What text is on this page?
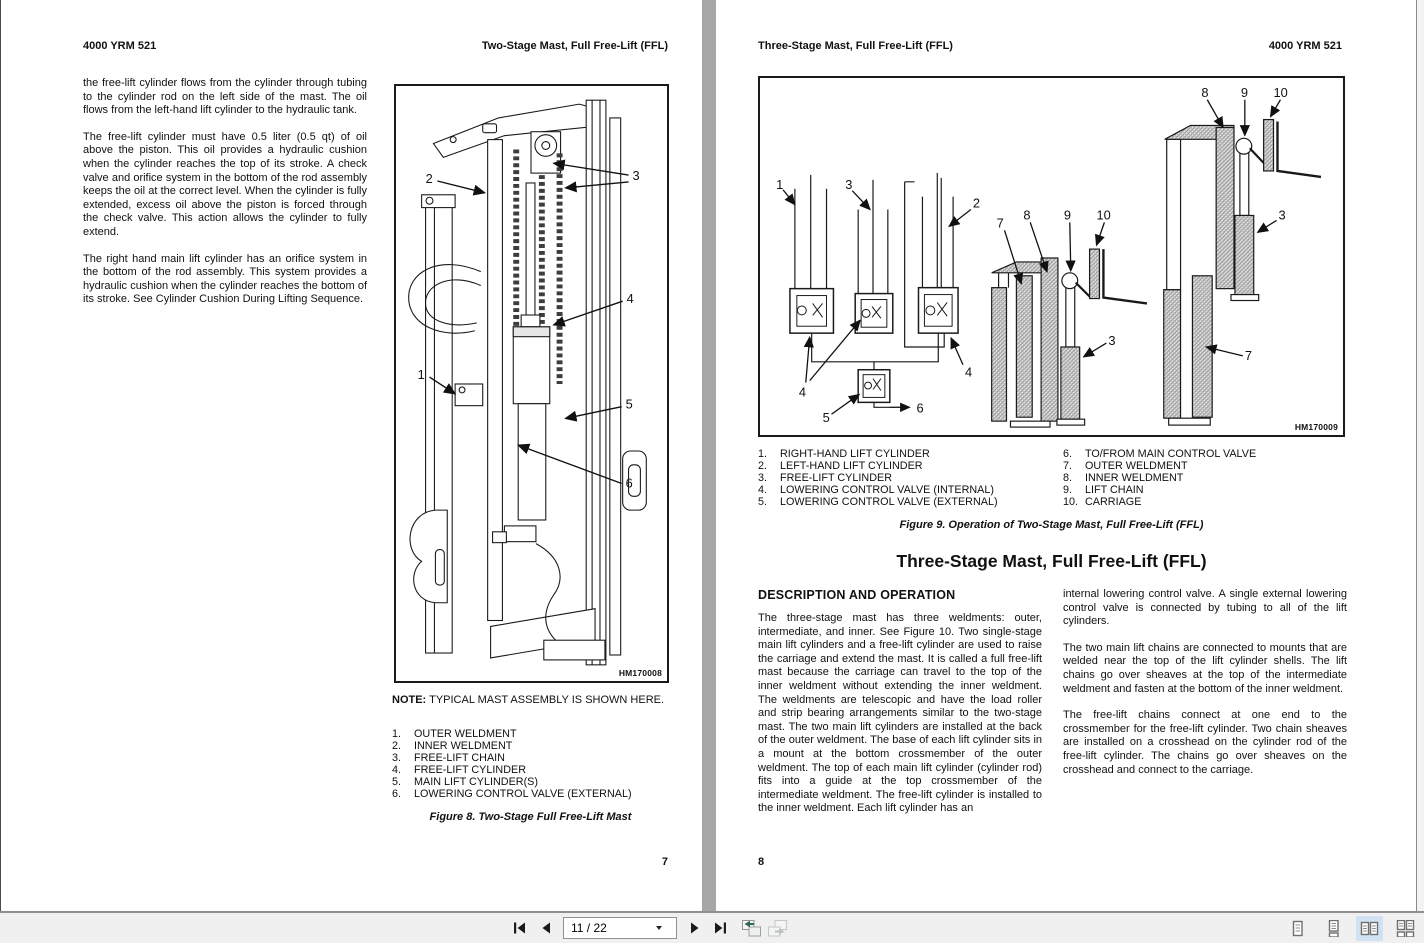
4000 YRM 521	Two-Stage Mast, Full Free-Lift (FFL)

the free-lift cylinder flows from the cylinder through tubing to the cylinder rod on the left side of the mast. The oil flows from the left-hand lift cylinder to the hydraulic tank.

The free-lift cylinder must have 0.5 liter (0.5 qt) of oil above the piston. This oil provides a hydraulic cushion when the cylinder reaches the top of its stroke. A check valve and orifice system in the bottom of the rod assembly keeps the oil at the correct level. When the cylinder is fully extended, excess oil above the piston is forced through the check valve. This action allows the cylinder to fully extend.

The right hand main lift cylinder has an orifice system in the bottom of the rod assembly. This system provides a hydraulic cushion when the cylinder reaches the bottom of its stroke. See Cylinder Cushion During Lifting Sequence.

2	3
4
1
5
6
HM170008

NOTE: TYPICAL MAST ASSEMBLY IS SHOWN HERE.

1.	OUTER WELDMENT
2.	INNER WELDMENT
3.	FREE-LIFT CHAIN
4.	FREE-LIFT CYLINDER
5.	MAIN LIFT CYLINDER(S)
6.	LOWERING CONTROL VALVE (EXTERNAL)
Figure 8. Two-Stage Full Free-Lift Mast
7
Three-Stage Mast, Full Free-Lift (FFL)	4000 YRM 521
1	3
2
4
4
5
6
7
8	9 10
3
8 9 10
3
7
HM170009
1.	RIGHT-HAND LIFT CYLINDER
2.	LEFT-HAND LIFT CYLINDER
3.	FREE-LIFT CYLINDER
4.	LOWERING CONTROL VALVE (INTERNAL)
5.	LOWERING CONTROL VALVE (EXTERNAL)
6.	TO/FROM MAIN CONTROL VALVE
7.	OUTER WELDMENT
8.	INNER WELDMENT
9.	LIFT CHAIN
10. CARRIAGE
Figure 9. Operation of Two-Stage Mast, Full Free-Lift (FFL)
Three-Stage Mast, Full Free-Lift (FFL)
DESCRIPTION AND OPERATION

The three-stage mast has three weldments: outer, intermediate, and inner. See Figure 10. Two single-stage main lift cylinders and a free-lift cylinder are used to raise the carriage and extend the mast. It is called a full free-lift mast because the carriage can travel to the top of the inner weldment without extending the inner weldment. The weldments are telescopic and have the load roller and strip bearing arrangements similar to the two-stage mast. The two main lift cylinders are installed at the back of the outer weldment. The base of each lift cylinder sits in a mount at the bottom crossmember of the outer weldment. The top of each main lift cylinder (cylinder rod) fits into a guide at the top crossmember of the intermediate weldment. The free-lift cylinder is installed to the inner weldment. Each lift cylinder has an

internal lowering control valve. A single external lowering control valve is connected by tubing to all of the lift cylinders.

The two main lift chains are connected to mounts that are welded near the top of the lift cylinder shells. The lift chains go over sheaves at the top of the intermediate weldment and fasten at the bottom of the inner weldment.

The free-lift chains connect at one end to the crossmember for the free-lift cylinder. Two chain sheaves are installed on a crosshead on the cylinder rod of the free-lift cylinder. The chains go over sheaves on the crosshead and connect to the carriage.

8
11 / 22
